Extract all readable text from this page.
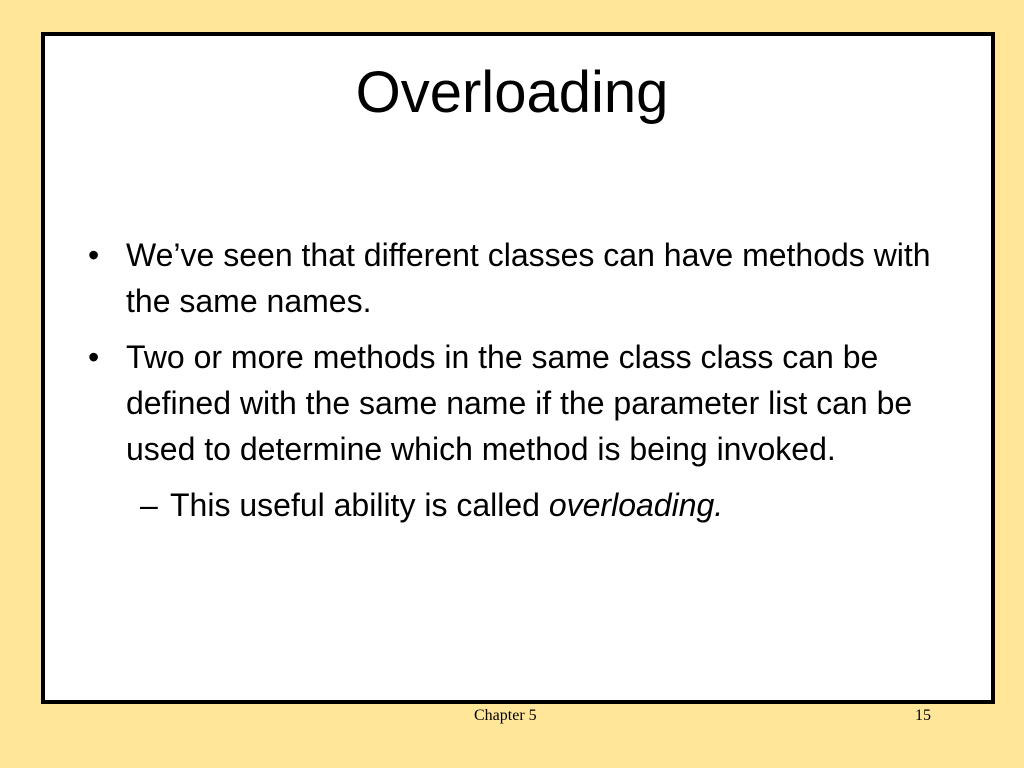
Overloading
• We’ve seen that different classes can have methods with the same names.
• Two or more methods in the same class class can be defined with the same name if the parameter list can be used to determine which method is being invoked.
– This useful ability is called overloading.
Chapter 5	15
